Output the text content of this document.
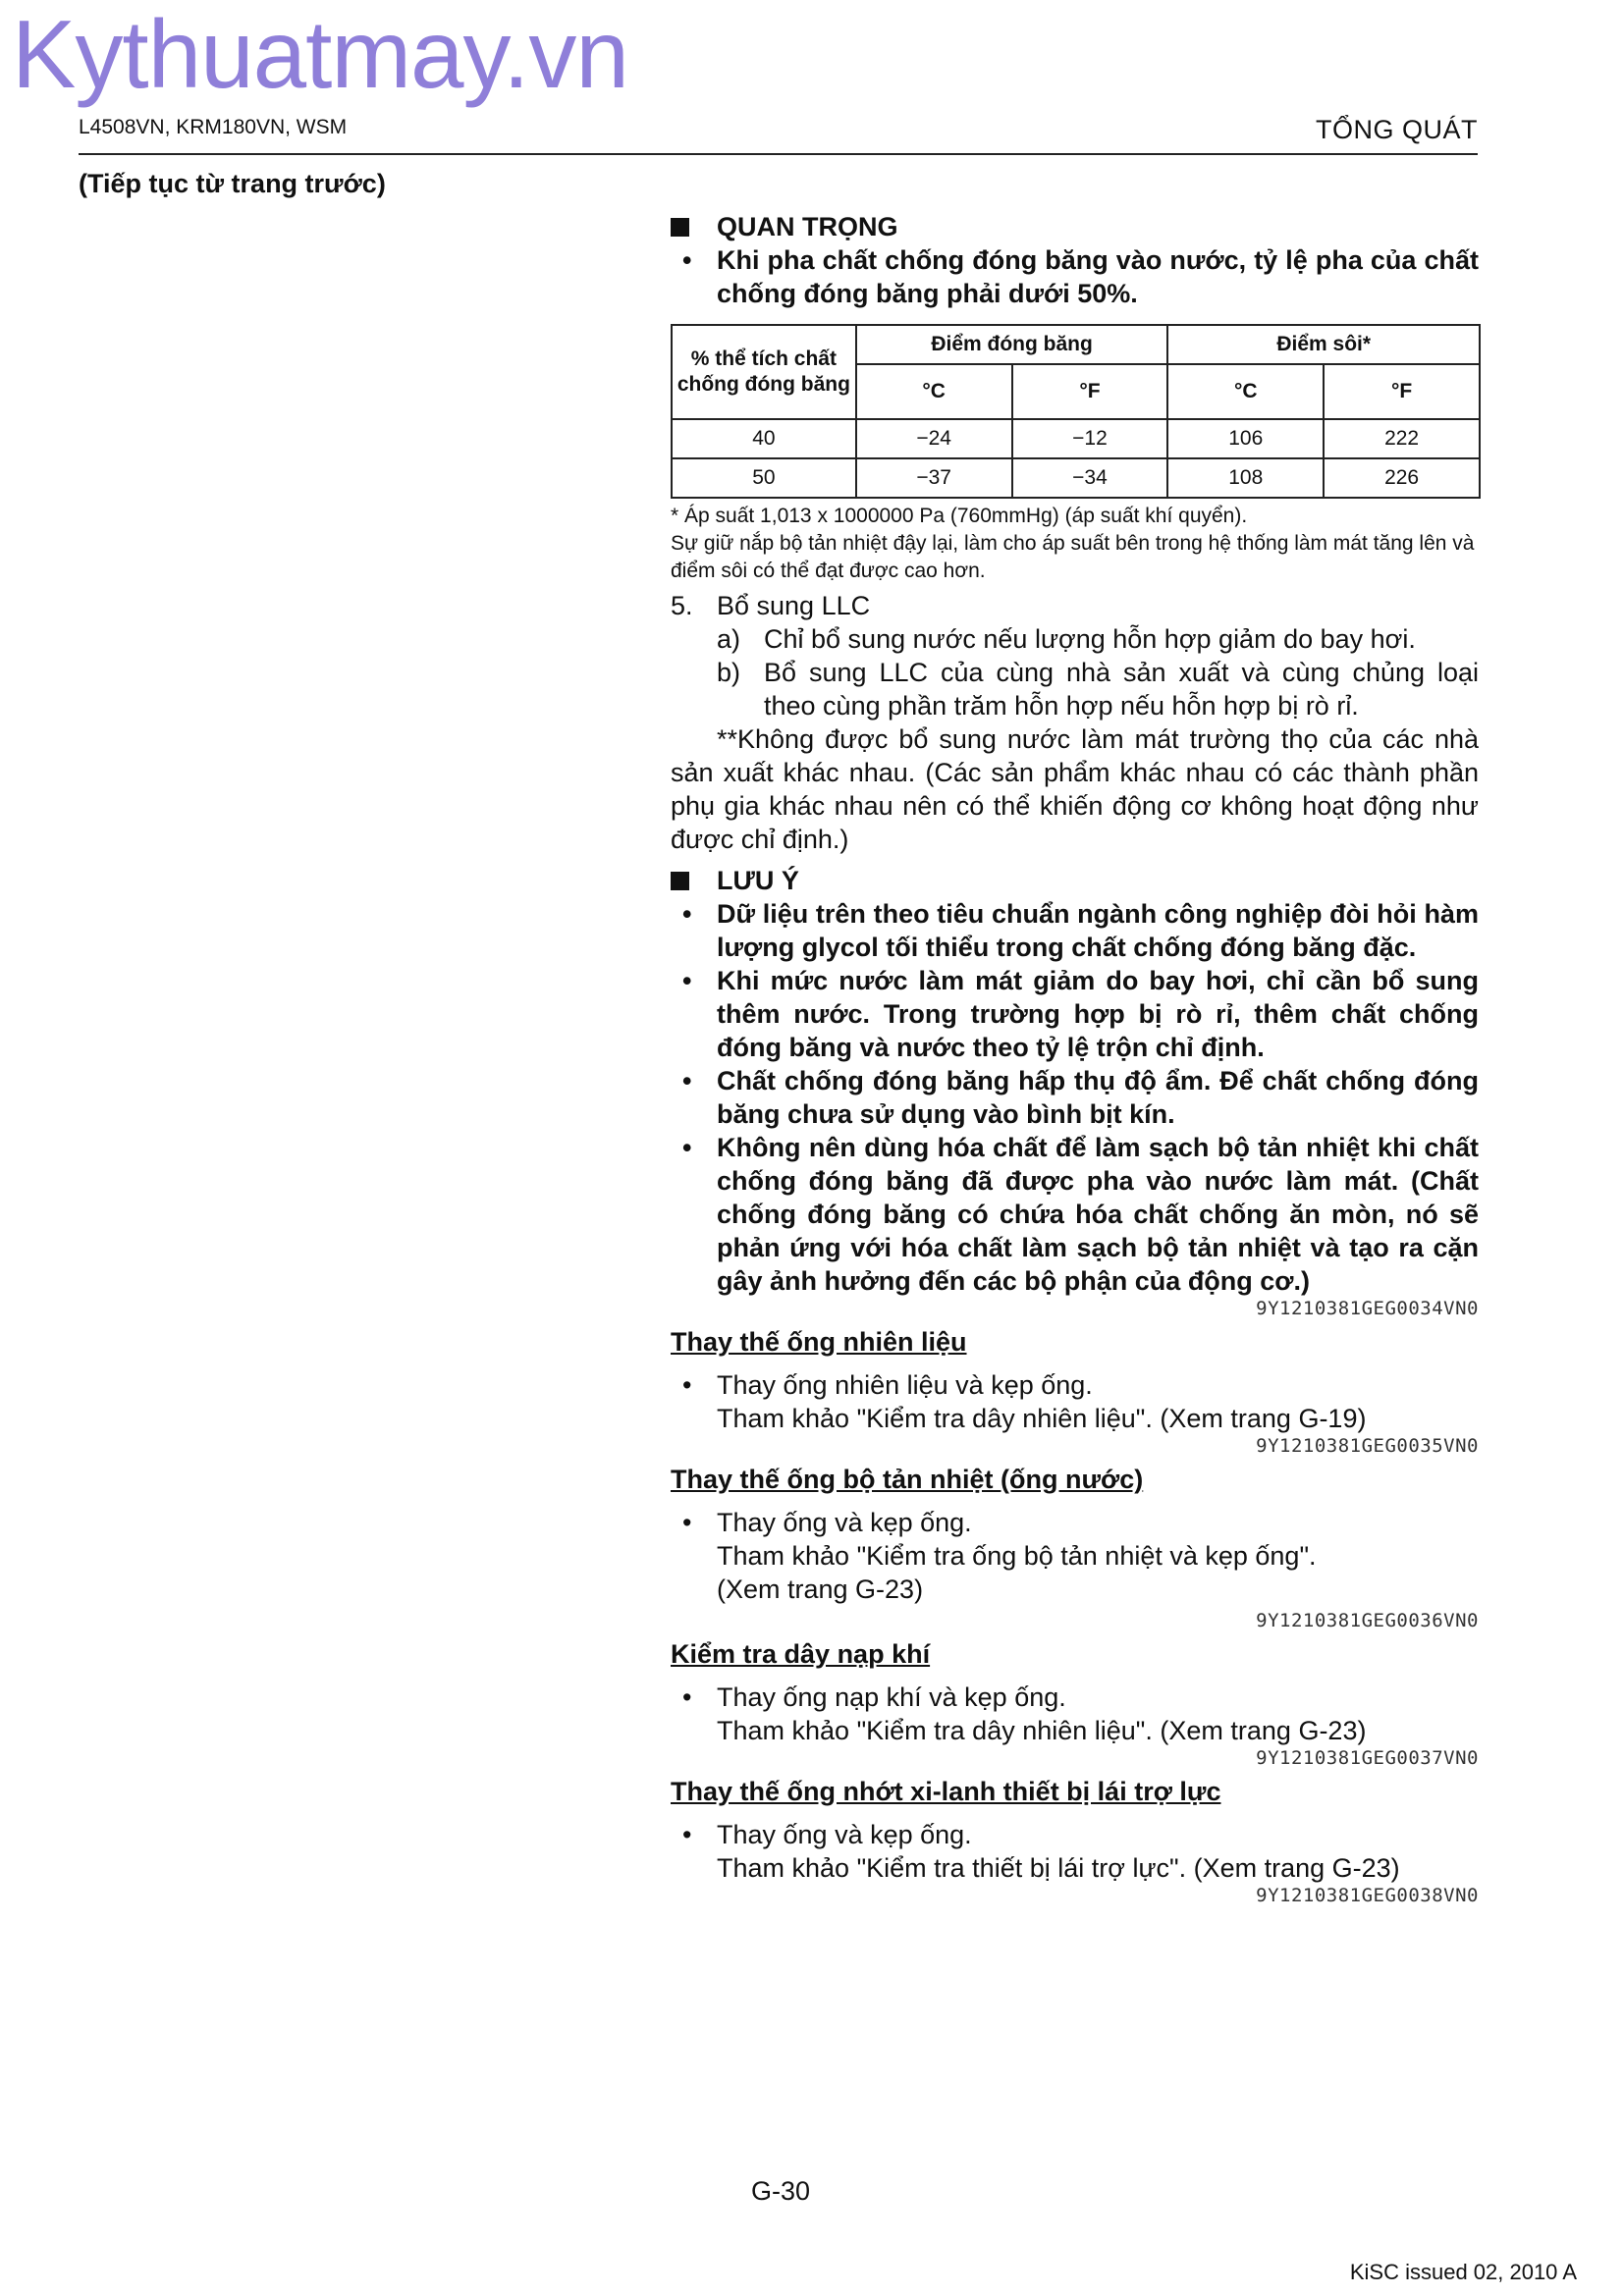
Kythuatmay.vn
L4508VN, KRM180VN, WSM	TỔNG QUÁT
(Tiếp tục từ trang trước)
QUAN TRỌNG
• Khi pha chất chống đóng băng vào nước, tỷ lệ pha của chất chống đóng băng phải dưới 50%.
% thể tích chất chống đóng băng	Điểm đóng băng		Điểm sôi*	
	°C	°F	°C	°F
40	−24	−12	106	222
50	−37	−34	108	226
* Áp suất 1,013 x 1000000 Pa (760mmHg) (áp suất khí quyển).
Sự giữ nắp bộ tản nhiệt đậy lại, làm cho áp suất bên trong hệ thống làm mát tăng lên và điểm sôi có thể đạt được cao hơn.
5. Bổ sung LLC
a) Chỉ bổ sung nước nếu lượng hỗn hợp giảm do bay hơi.
b) Bổ sung LLC của cùng nhà sản xuất và cùng chủng loại theo cùng phần trăm hỗn hợp nếu hỗn hợp bị rò rỉ.
**Không được bổ sung nước làm mát trường thọ của các nhà sản xuất khác nhau. (Các sản phẩm khác nhau có các thành phần phụ gia khác nhau nên có thể khiến động cơ không hoạt động như được chỉ định.)
LƯU Ý
• Dữ liệu trên theo tiêu chuẩn ngành công nghiệp đòi hỏi hàm lượng glycol tối thiểu trong chất chống đóng băng đặc.
• Khi mức nước làm mát giảm do bay hơi, chỉ cần bổ sung thêm nước. Trong trường hợp bị rò rỉ, thêm chất chống đóng băng và nước theo tỷ lệ trộn chỉ định.
• Chất chống đóng băng hấp thụ độ ẩm. Để chất chống đóng băng chưa sử dụng vào bình bịt kín.
• Không nên dùng hóa chất để làm sạch bộ tản nhiệt khi chất chống đóng băng đã được pha vào nước làm mát. (Chất chống đóng băng có chứa hóa chất chống ăn mòn, nó sẽ phản ứng với hóa chất làm sạch bộ tản nhiệt và tạo ra cặn gây ảnh hưởng đến các bộ phận của động cơ.)
9Y1210381GEG0034VN0
Thay thế ống nhiên liệu
• Thay ống nhiên liệu và kẹp ống.
Tham khảo "Kiểm tra dây nhiên liệu". (Xem trang G-19)
9Y1210381GEG0035VN0
Thay thế ống bộ tản nhiệt (ống nước)
• Thay ống và kẹp ống.
Tham khảo "Kiểm tra ống bộ tản nhiệt và kẹp ống".
(Xem trang G-23)
9Y1210381GEG0036VN0
Kiểm tra dây nạp khí
• Thay ống nạp khí và kẹp ống.
Tham khảo "Kiểm tra dây nhiên liệu". (Xem trang G-23)
9Y1210381GEG0037VN0
Thay thế ống nhớt xi-lanh thiết bị lái trợ lực
• Thay ống và kẹp ống.
Tham khảo "Kiểm tra thiết bị lái trợ lực". (Xem trang G-23)
9Y1210381GEG0038VN0
G-30
KiSC issued 02, 2010 A
